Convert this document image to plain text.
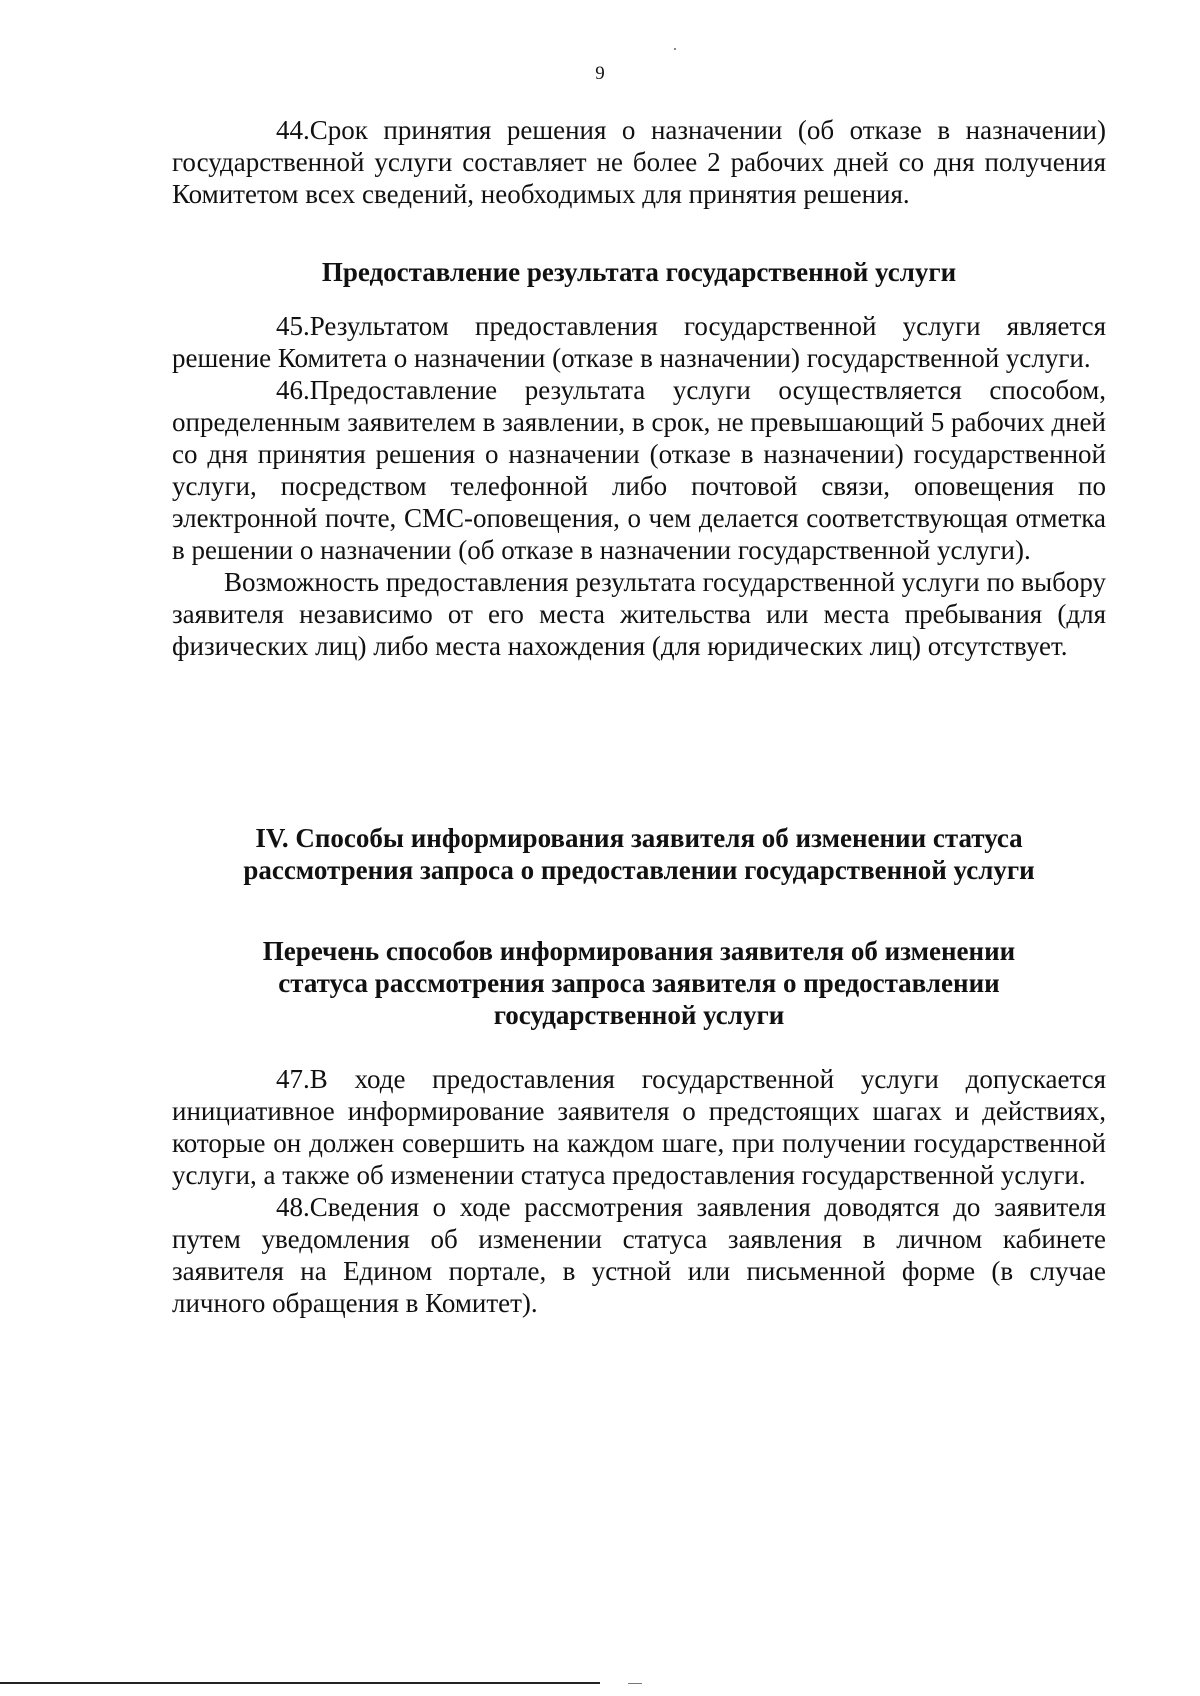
9

44.Срок принятия решения о назначении (об отказе в назначении) государственной услуги составляет не более 2 рабочих дней со дня получения Комитетом всех сведений, необходимых для принятия решения.

Предоставление результата государственной услуги

45.Результатом предоставления государственной услуги является решение Комитета о назначении (отказе в назначении) государственной услуги.

46.Предоставление результата услуги осуществляется способом, определенным заявителем в заявлении, в срок, не превышающий 5 рабочих дней со дня принятия решения о назначении (отказе в назначении) государственной услуги, посредством телефонной либо почтовой связи, оповещения по электронной почте, СМС-оповещения, о чем делается соответствующая отметка в решении о назначении (об отказе в назначении государственной услуги).

Возможность предоставления результата государственной услуги по выбору заявителя независимо от его места жительства или места пребывания (для физических лиц) либо места нахождения (для юридических лиц) отсутствует.

IV. Способы информирования заявителя об изменении статуса
рассмотрения запроса о предоставлении государственной услуги
Перечень способов информирования заявителя об изменении
статуса рассмотрения запроса заявителя о предоставлении
государственной услуги

47.В ходе предоставления государственной услуги допускается инициативное информирование заявителя о предстоящих шагах и действиях, которые он должен совершить на каждом шаге, при получении государственной услуги, а также об изменении статуса предоставления государственной услуги.

48.Сведения о ходе рассмотрения заявления доводятся до заявителя путем уведомления об изменении статуса заявления в личном кабинете заявителя на Едином портале, в устной или письменной форме (в случае личного обращения в Комитет).
